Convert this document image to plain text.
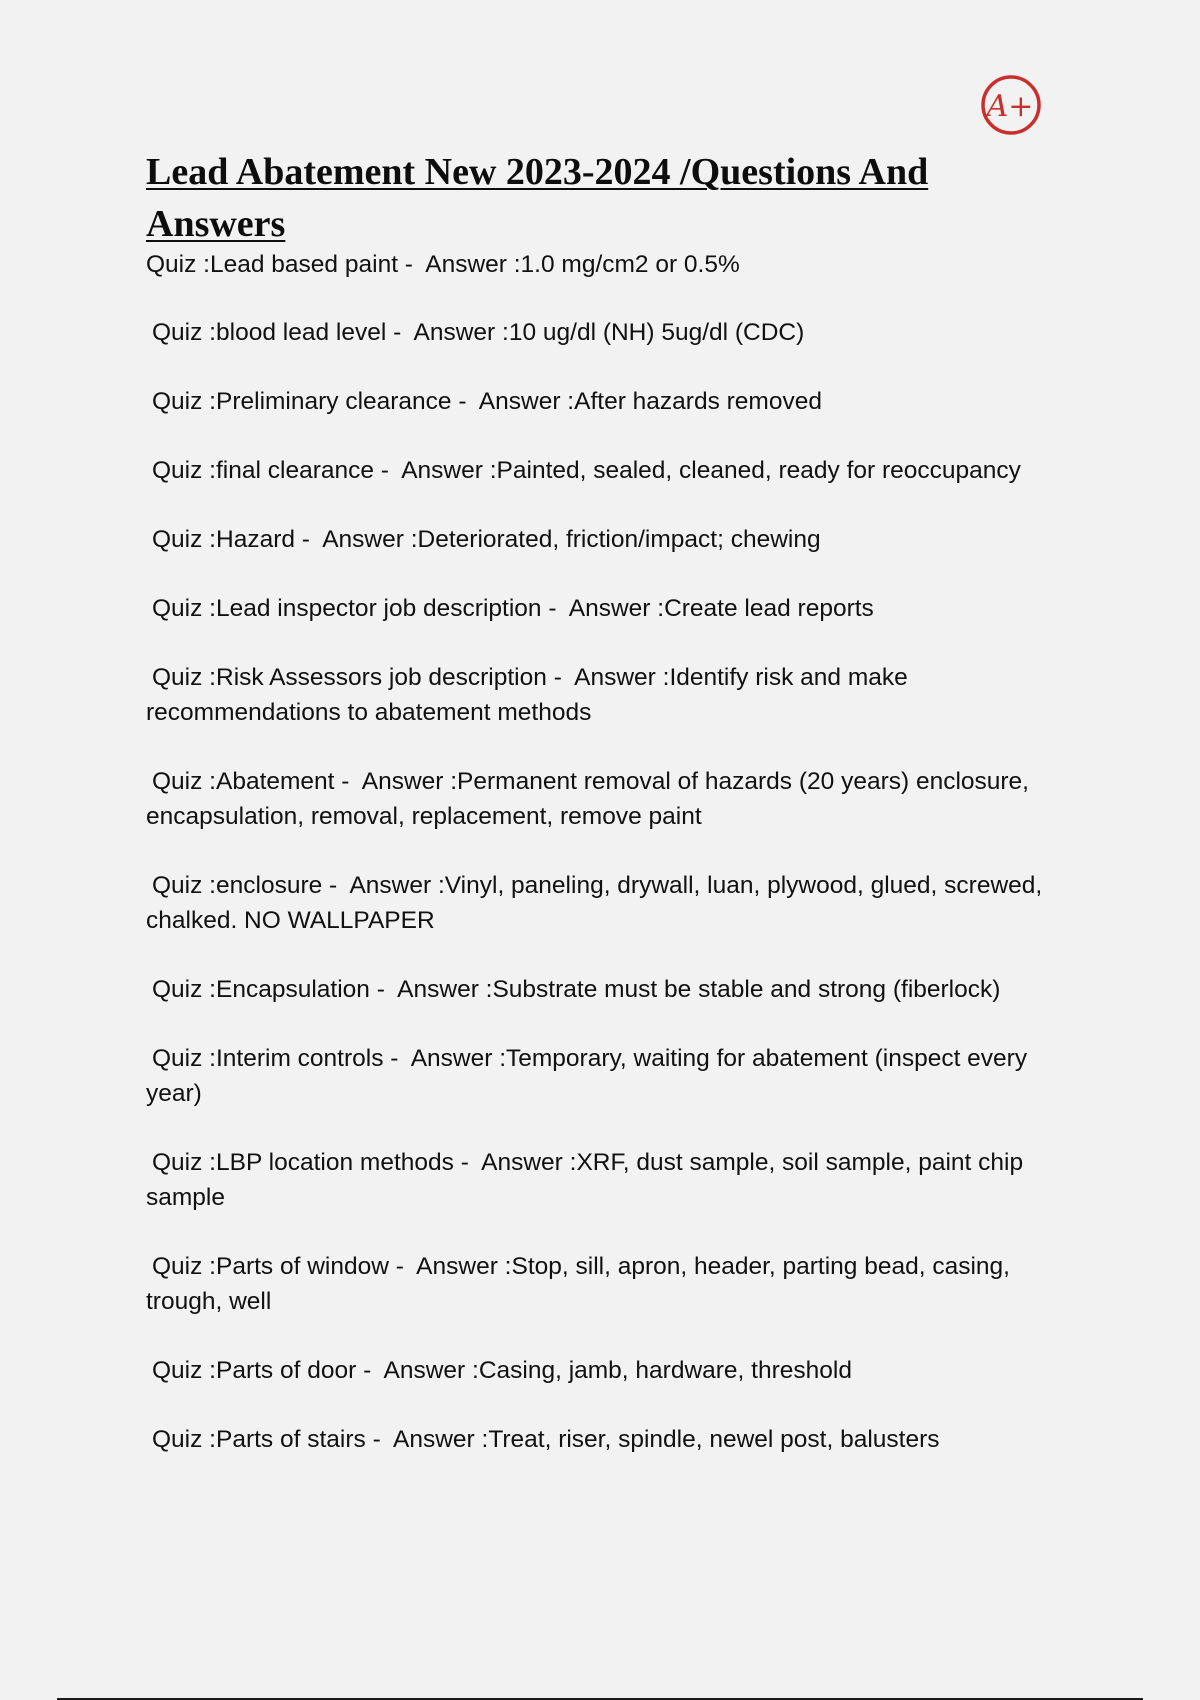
A+
Lead Abatement New 2023-2024 /Questions And Answers
Quiz :Lead based paint -  Answer :1.0 mg/cm2 or 0.5%
Quiz :blood lead level -  Answer :10 ug/dl (NH) 5ug/dl (CDC)
Quiz :Preliminary clearance -  Answer :After hazards removed
Quiz :final clearance -  Answer :Painted, sealed, cleaned, ready for reoccupancy
Quiz :Hazard -  Answer :Deteriorated, friction/impact; chewing
Quiz :Lead inspector job description -  Answer :Create lead reports
Quiz :Risk Assessors job description -  Answer :Identify risk and make recommendations to abatement methods
Quiz :Abatement -  Answer :Permanent removal of hazards (20 years) enclosure, encapsulation, removal, replacement, remove paint
Quiz :enclosure -  Answer :Vinyl, paneling, drywall, luan, plywood, glued, screwed, chalked. NO WALLPAPER
Quiz :Encapsulation -  Answer :Substrate must be stable and strong (fiberlock)
Quiz :Interim controls -  Answer :Temporary, waiting for abatement (inspect every year)
Quiz :LBP location methods -  Answer :XRF, dust sample, soil sample, paint chip sample
Quiz :Parts of window -  Answer :Stop, sill, apron, header, parting bead, casing, trough, well
Quiz :Parts of door -  Answer :Casing, jamb, hardware, threshold
Quiz :Parts of stairs -  Answer :Treat, riser, spindle, newel post, balusters
